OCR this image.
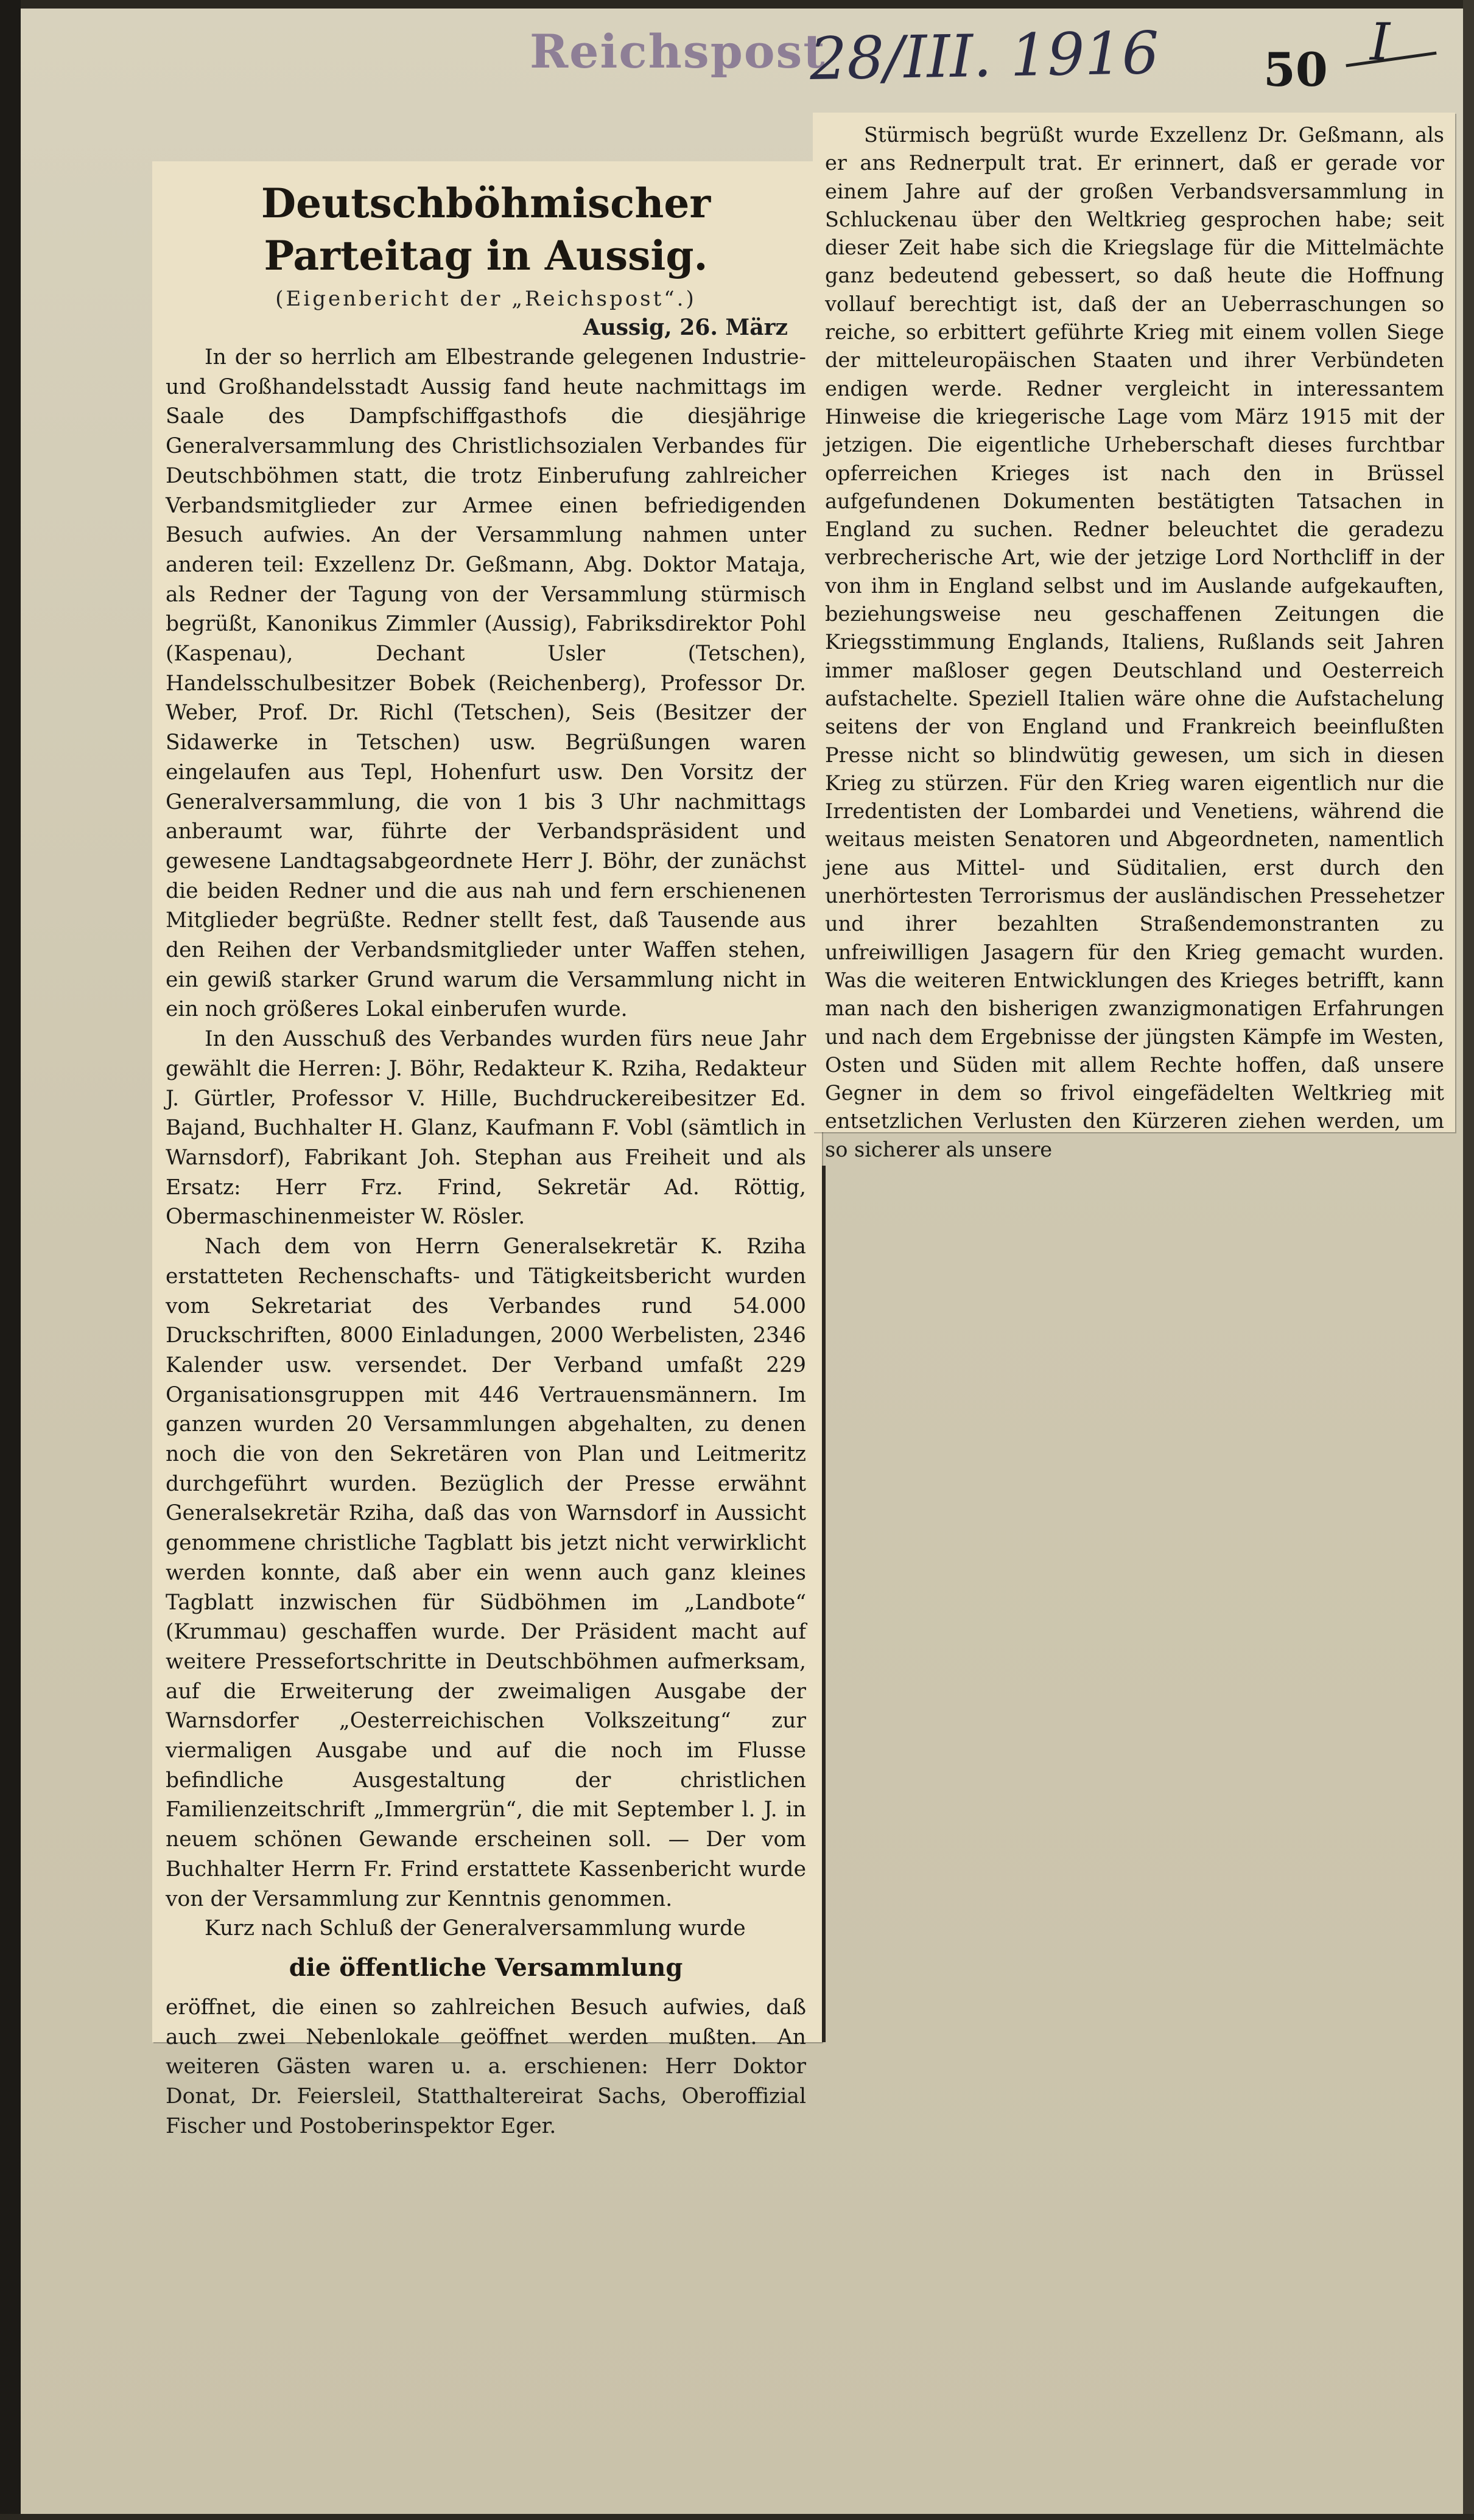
Reichspost
28/III. 1916 50 I
Deutschböhmischer Parteitag in Aussig.
(Eigenbericht der „Reichspost“.)
Aussig, 26. März

In der so herrlich am Elbestrande gelegenen Industrie- und Großhandelsstadt Aussig fand heute nachmittags im Saale des Dampfschiffgasthofs die diesjährige Generalversammlung des Christlichsozialen Verbandes für Deutschböhmen statt, die trotz Einberufung zahlreicher Verbandsmitglieder zur Armee einen befriedigenden Besuch aufwies. An der Versammlung nahmen unter anderen teil: Exzellenz Dr. Geßmann, Abg. Doktor Mataja, als Redner der Tagung von der Versammlung stürmisch begrüßt, Kanonikus Zimmler (Aussig), Fabriksdirektor Pohl (Kaspenau), Dechant Usler (Tetschen), Handelsschulbesitzer Bobek (Reichenberg), Professor Dr. Weber, Prof. Dr. Richl (Tetschen), Seis (Besitzer der Sidawerke in Tetschen) usw. Begrüßungen waren eingelaufen aus Tepl, Hohenfurt usw. Den Vorsitz der Generalversammlung, die von 1 bis 3 Uhr nachmittags anberaumt war, führte der Verbandspräsident und gewesene Landtagsabgeordnete Herr J. Böhr, der zunächst die beiden Redner und die aus nah und fern erschienenen Mitglieder begrüßte. Redner stellt fest, daß Tausende aus den Reihen der Verbandsmitglieder unter Waffen stehen, ein gewiß starker Grund warum die Versammlung nicht in ein noch größeres Lokal einberufen wurde.

In den Ausschuß des Verbandes wurden fürs neue Jahr gewählt die Herren: J. Böhr, Redakteur K. Rziha, Redakteur J. Gürtler, Professor V. Hille, Buchdruckereibesitzer Ed. Bajand, Buchhalter H. Glanz, Kaufmann F. Vobl (sämtlich in Warnsdorf), Fabrikant Joh. Stephan aus Freiheit und als Ersatz: Herr Frz. Frind, Sekretär Ad. Röttig, Obermaschinenmeister W. Rösler.

Nach dem von Herrn Generalsekretär K. Rziha erstatteten Rechenschafts- und Tätigkeitsbericht wurden vom Sekretariat des Verbandes rund 54.000 Druckschriften, 8000 Einladungen, 2000 Werbelisten, 2346 Kalender usw. versendet. Der Verband umfaßt 229 Organisationsgruppen mit 446 Vertrauensmännern. Im ganzen wurden 20 Versammlungen abgehalten, zu denen noch die von den Sekretären von Plan und Leitmeritz durchgeführt wurden. Bezüglich der Presse erwähnt Generalsekretär Rziha, daß das von Warnsdorf in Aussicht genommene christliche Tagblatt bis jetzt nicht verwirklicht werden konnte, daß aber ein wenn auch ganz kleines Tagblatt inzwischen für Südböhmen im „Landbote“ (Krummau) geschaffen wurde. Der Präsident macht auf weitere Pressefortschritte in Deutschböhmen aufmerksam, auf die Erweiterung der zweimaligen Ausgabe der Warnsdorfer „Oesterreichischen Volkszeitung“ zur viermaligen Ausgabe und auf die noch im Flusse befindliche Ausgestaltung der christlichen Familienzeitschrift „Immergrün“, die mit September l. J. in neuem schönen Gewande erscheinen soll. — Der vom Buchhalter Herrn Fr. Frind erstattete Kassenbericht wurde von der Versammlung zur Kenntnis genommen.

Kurz nach Schluß der Generalversammlung wurde

die öffentliche Versammlung

eröffnet, die einen so zahlreichen Besuch aufwies, daß auch zwei Nebenlokale geöffnet werden mußten. An weiteren Gästen waren u. a. erschienen: Herr Doktor Donat, Dr. Feiersleil, Statthaltereirat Sachs, Oberoffizial Fischer und Postoberinspektor Eger.

Stürmisch begrüßt wurde Exzellenz Dr. Geßmann, als er ans Rednerpult trat. Er erinnert, daß er gerade vor einem Jahre auf der großen Verbandsversammlung in Schluckenau über den Weltkrieg gesprochen habe; seit dieser Zeit habe sich die Kriegslage für die Mittelmächte ganz bedeutend gebessert, so daß heute die Hoffnung vollauf berechtigt ist, daß der an Ueberraschungen so reiche, so erbittert geführte Krieg mit einem vollen Siege der mitteleuropäischen Staaten und ihrer Verbündeten endigen werde. Redner vergleicht in interessantem Hinweise die kriegerische Lage vom März 1915 mit der jetzigen. Die eigentliche Urheberschaft dieses furchtbar opferreichen Krieges ist nach den in Brüssel aufgefundenen Dokumenten bestätigten Tatsachen in England zu suchen. Redner beleuchtet die geradezu verbrecherische Art, wie der jetzige Lord Northcliff in der von ihm in England selbst und im Auslande aufgekauften, beziehungsweise neu geschaffenen Zeitungen die Kriegsstimmung Englands, Italiens, Rußlands seit Jahren immer maßloser gegen Deutschland und Oesterreich aufstachelte. Speziell Italien wäre ohne die Aufstachelung seitens der von England und Frankreich beeinflußten Presse nicht so blindwütig gewesen, um sich in diesen Krieg zu stürzen. Für den Krieg waren eigentlich nur die Irredentisten der Lombardei und Venetiens, während die weitaus meisten Senatoren und Abgeordneten, namentlich jene aus Mittel- und Süditalien, erst durch den unerhörtesten Terrorismus der ausländischen Pressehetzer und ihrer bezahlten Straßendemonstranten zu unfreiwilligen Jasagern für den Krieg gemacht wurden. Was die weiteren Entwicklungen des Krieges betrifft, kann man nach den bisherigen zwanzigmonatigen Erfahrungen und nach dem Ergebnisse der jüngsten Kämpfe im Westen, Osten und Süden mit allem Rechte hoffen, daß unsere Gegner in dem so frivol eingefädelten Weltkrieg mit entsetzlichen Verlusten den Kürzeren ziehen werden, um so sicherer als unsere
